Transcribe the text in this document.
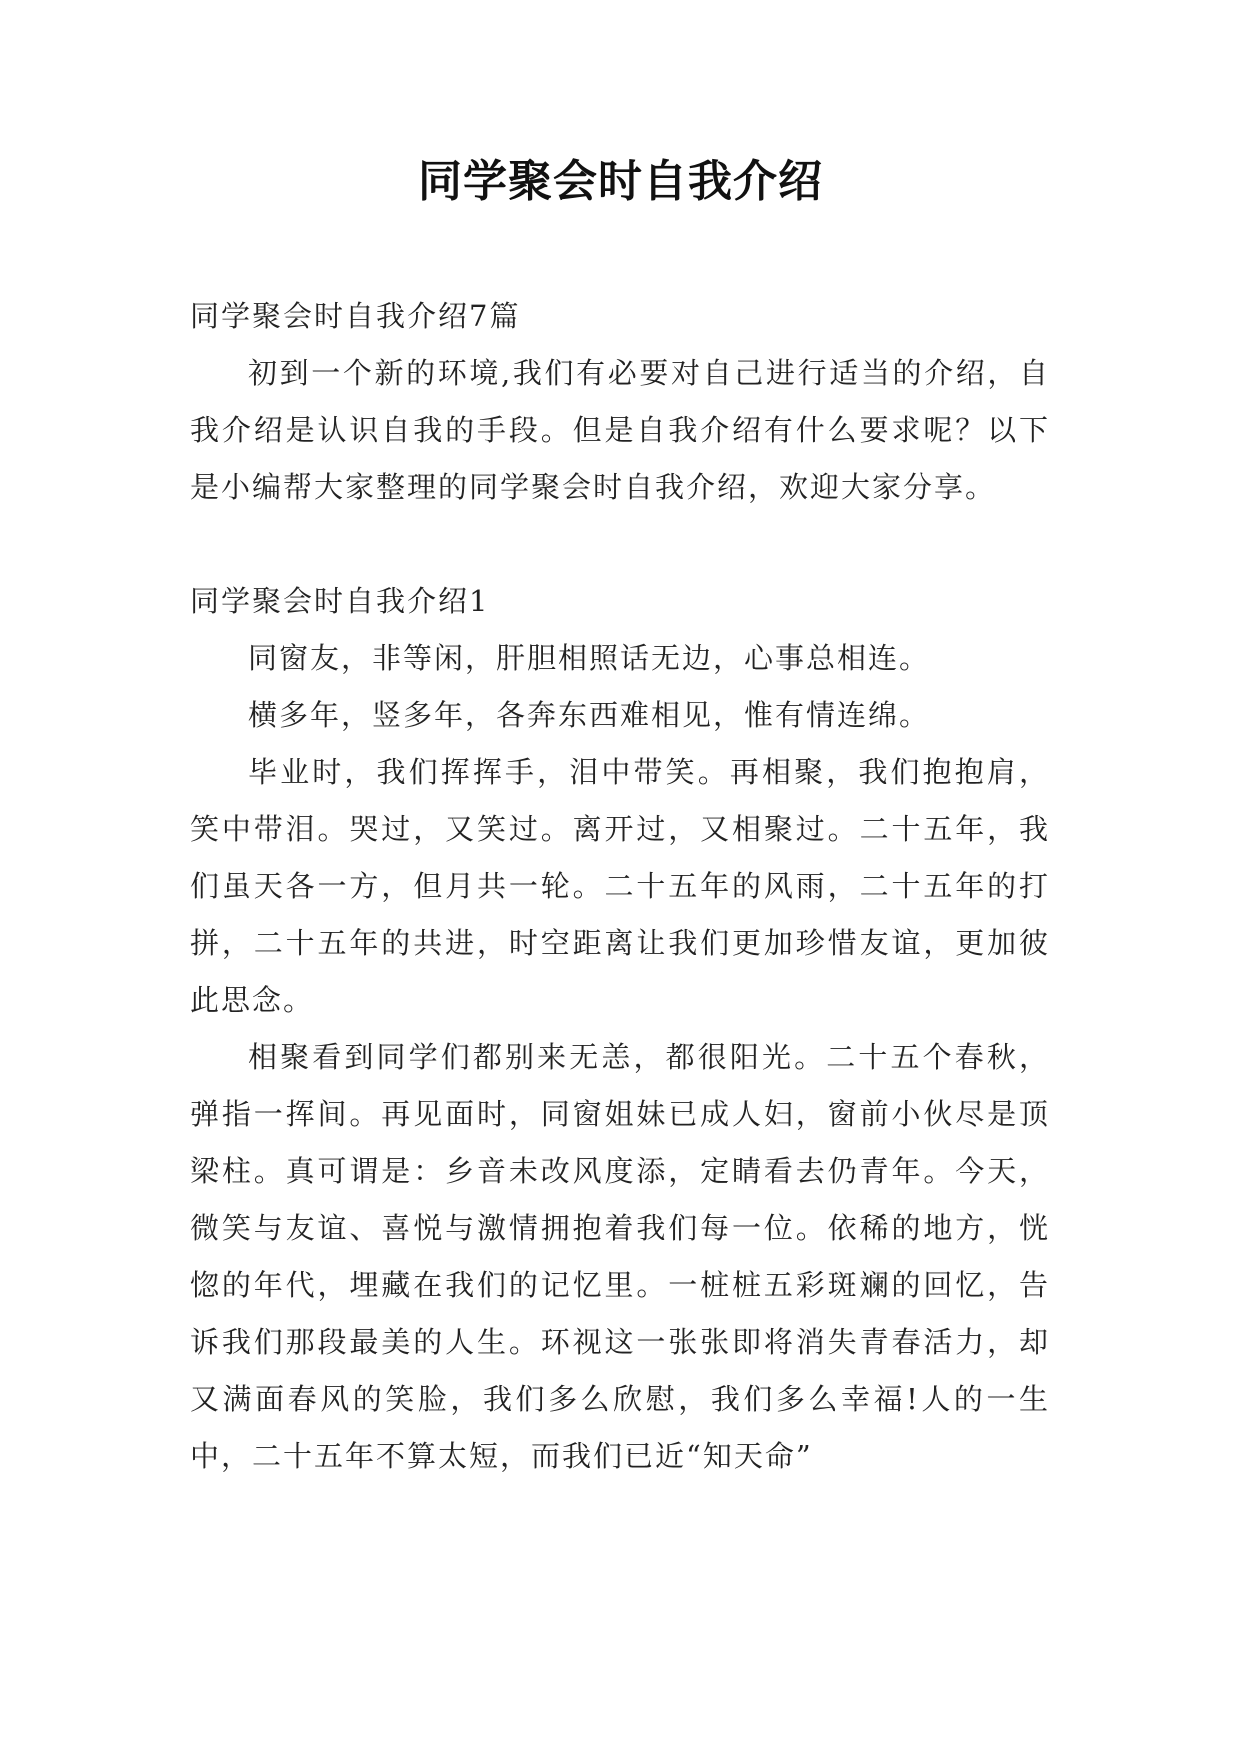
同学聚会时自我介绍

同学聚会时自我介绍7篇

初到一个新的环境,我们有必要对自己进行适当的介绍，自我介绍是认识自我的手段。但是自我介绍有什么要求呢？以下是小编帮大家整理的同学聚会时自我介绍，欢迎大家分享。

同学聚会时自我介绍1

同窗友，非等闲，肝胆相照话无边，心事总相连。

横多年，竖多年，各奔东西难相见，惟有情连绵。

毕业时，我们挥挥手，泪中带笑。再相聚，我们抱抱肩，笑中带泪。哭过，又笑过。离开过，又相聚过。二十五年，我们虽天各一方，但月共一轮。二十五年的风雨，二十五年的打拼，二十五年的共进，时空距离让我们更加珍惜友谊，更加彼此思念。

相聚看到同学们都别来无恙，都很阳光。二十五个春秋，弹指一挥间。再见面时，同窗姐妹已成人妇，窗前小伙尽是顶梁柱。真可谓是：乡音未改风度添，定睛看去仍青年。今天，微笑与友谊、喜悦与激情拥抱着我们每一位。依稀的地方，恍惚的年代，埋藏在我们的记忆里。一桩桩五彩斑斓的回忆，告诉我们那段最美的人生。环视这一张张即将消失青春活力，却又满面春风的笑脸，我们多么欣慰，我们多么幸福!人的一生中，二十五年不算太短，而我们已近“知天命”
